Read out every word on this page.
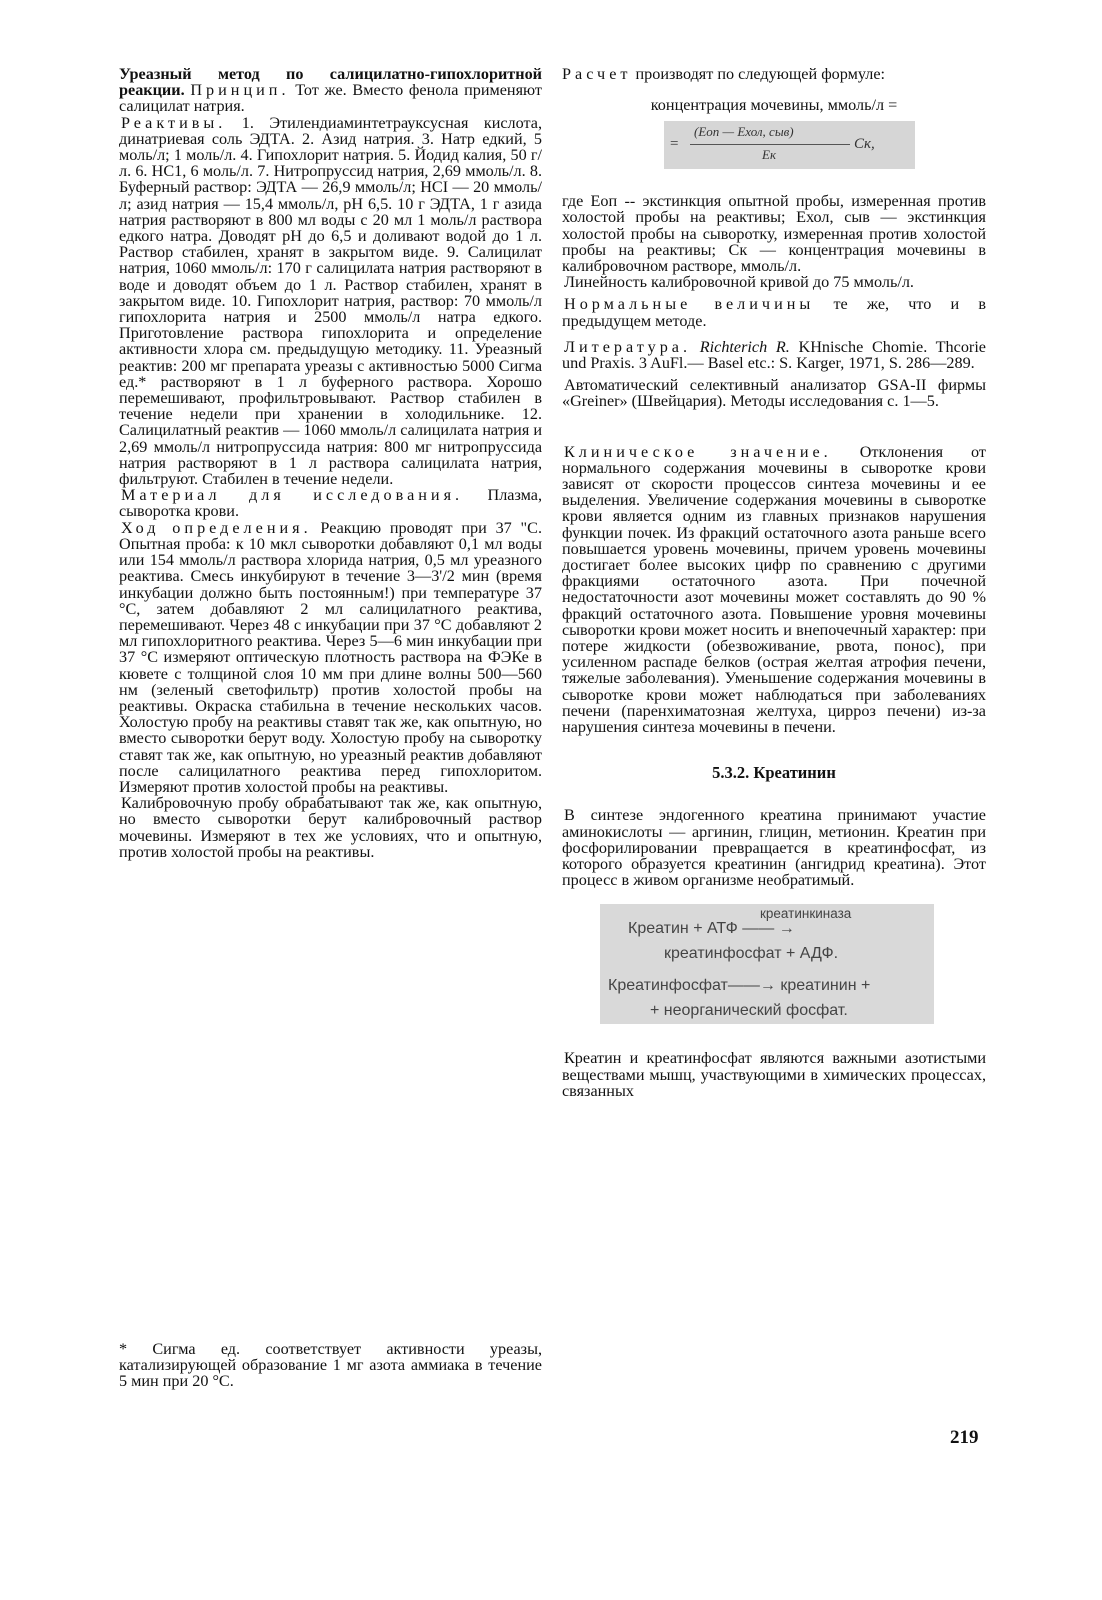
Уреазный метод по салицилатно-гипохлоритной реакции. Принцип. Тот же. Вместо фенола применяют салицилат натрия.

Реактивы. 1. Этилендиаминтетрауксусная кислота, динатриевая соль ЭДТА. 2. Азид натрия. 3. Натр едкий, 5 моль/л; 1 моль/л. 4. Гипохлорит натрия. 5. Йодид калия, 50 г/л. 6. НС1, 6 моль/л. 7. Нитропруссид натрия, 2,69 ммоль/л. 8. Буферный раствор: ЭДТА — 26,9 ммоль/л; НСI — 20 ммоль/л; азид натрия — 15,4 ммоль/л, рН 6,5. 10 г ЭДТА, 1 г азида натрия растворяют в 800 мл воды с 20 мл 1 моль/л раствора едкого натра. Доводят рН до 6,5 и доливают водой до 1 л. Раствор стабилен, хранят в закрытом виде. 9. Салицилат натрия, 1060 ммоль/л: 170 г салицилата натрия растворяют в воде и доводят объем до 1 л. Раствор стабилен, хранят в закрытом виде. 10. Гипохлорит натрия, раствор: 70 ммоль/л гипохлорита натрия и 2500 ммоль/л натра едкого. Приготовление раствора гипохлорита и определение активности хлора см. предыдущую методику. 11. Уреазный реактив: 200 мг препарата уреазы с активностью 5000 Сигма ед.* растворяют в 1 л буферного раствора. Хорошо перемешивают, профильтровывают. Раствор стабилен в течение недели при хранении в холодильнике. 12. Салицилатный реактив — 1060 ммоль/л салицилата натрия и 2,69 ммоль/л нитропруссида натрия: 800 мг нитропруссида натрия растворяют в 1 л раствора салицилата натрия, фильтруют. Стабилен в течение недели.

Материал для исследования. Плазма, сыворотка крови.

Ход определения. Реакцию проводят при 37 "С. Опытная проба: к 10 мкл сыворотки добавляют 0,1 мл воды или 154 ммоль/л раствора хлорида натрия, 0,5 мл уреазного реактива. Смесь инкубируют в течение 3—3'/2 мин (время инкубации должно быть постоянным!) при температуре 37 °С, затем добавляют 2 мл салицилатного реактива, перемешивают. Через 48 с инкубации при 37 °С добавляют 2 мл гипохлоритного реактива. Через 5—6 мин инкубации при 37 °С измеряют оптическую плотность раствора на ФЭКе в кювете с толщиной слоя 10 мм при длине волны 500—560 нм (зеленый светофильтр) против холостой пробы на реактивы. Окраска стабильна в течение нескольких часов. Холостую пробу на реактивы ставят так же, как опытную, но вместо сыворотки берут воду. Холостую пробу на сыворотку ставят так же, как опытную, но уреазный реактив добавляют после салицилатного реактива перед гипохлоритом. Измеряют против холостой пробы на реактивы.

Калибровочную пробу обрабатывают так же, как опытную, но вместо сыворотки берут калибровочный раствор мочевины. Измеряют в тех же условиях, что и опытную, против холостой пробы на реактивы.

* Сигма ед. соответствует активности уреазы, катализирующей образование 1 мг азота аммиака в течение 5 мин при 20 °С.

Расчет производят по следующей формуле:

концентрация мочевины, ммоль/л =
=
(Еоп — Ехол, сыв)
Ек
Ск,

где Еоп -- экстинкция опытной пробы, измеренная против холостой пробы на реактивы; Ехол, сыв — экстинкция холостой пробы на сыворотку, измеренная против холостой пробы на реактивы; Ск — концентрация мочевины в калибровочном растворе, ммоль/л.

Линейность калибровочной кривой до 75 ммоль/л.

Нормальные величины те же, что и в предыдущем методе.

Литература. Richterich R. KHnische Chomie. Thcorie und Praxis. 3 AuFl.— Basel etc.: S. Karger, 1971, S. 286—289.

Автоматический селективный анализатор GSA-II фирмы «Greiner» (Швейцария). Методы исследования с. 1—5.

Клиническое значение. Отклонения от нормального содержания мочевины в сыворотке крови зависят от скорости процессов синтеза мочевины и ее выделения. Увеличение содержания мочевины в сыворотке крови является одним из главных признаков нарушения функции почек. Из фракций остаточного азота раньше всего повышается уровень мочевины, причем уровень мочевины достигает более высоких цифр по сравнению с другими фракциями остаточного азота. При почечной недостаточности азот мочевины может составлять до 90 % фракций остаточного азота. Повышение уровня мочевины сыворотки крови может носить и внепочечный характер: при потере жидкости (обезвоживание, рвота, понос), при усиленном распаде белков (острая желтая атрофия печени, тяжелые заболевания). Уменьшение содержания мочевины в сыворотке крови может наблюдаться при заболеваниях печени (паренхиматозная желтуха, цирроз печени) из-за нарушения синтеза мочевины в печени.

5.3.2. Креатинин

В синтезе эндогенного креатина принимают участие аминокислоты — аргинин, глицин, метионин. Креатин при фосфорилировании превращается в креатинфосфат, из которого образуется креатинин (ангидрид креатина). Этот процесс в живом организме необратимый.

креатинкиназа
Креатин + АТФ —— →
креатинфосфат + АДФ.
Креатинфосфат——→ креатинин +
+ неорганический фосфат.

Креатин и креатинфосфат являются важными азотистыми веществами мышц, участвующими в химических процессах, связанных

219
